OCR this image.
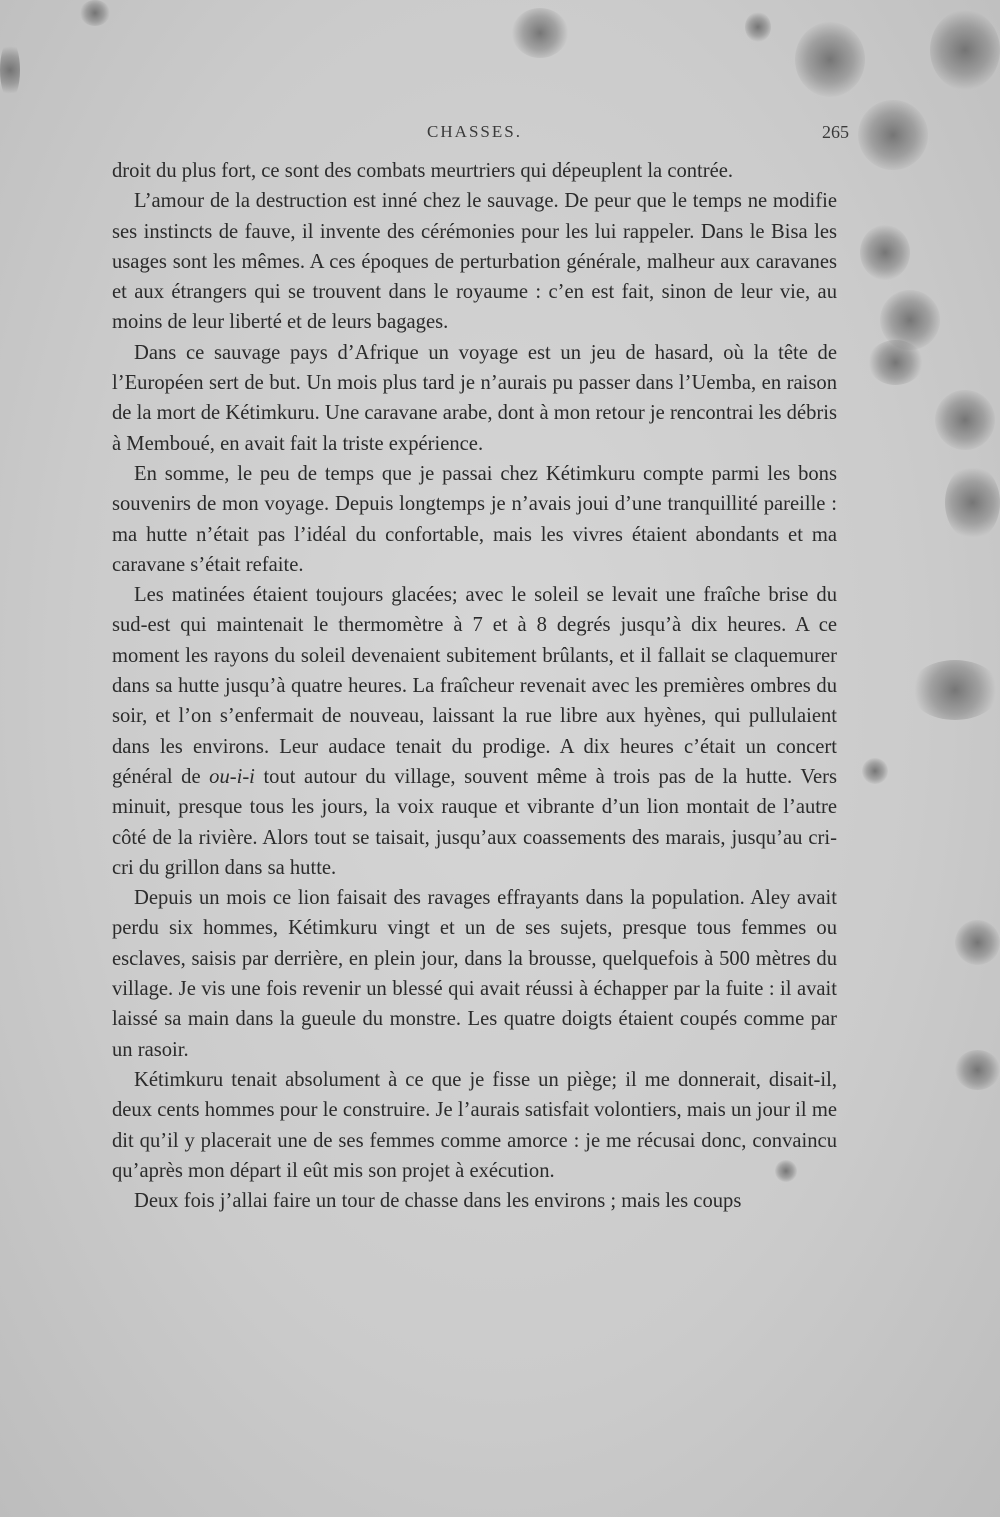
CHASSES.	265

droit du plus fort, ce sont des combats meurtriers qui dépeuplent la contrée.

L’amour de la destruction est inné chez le sauvage. De peur que le temps ne modifie ses instincts de fauve, il invente des cérémonies pour les lui rappeler. Dans le Bisa les usages sont les mêmes. A ces époques de perturbation générale, malheur aux caravanes et aux étrangers qui se trouvent dans le royaume : c’en est fait, sinon de leur vie, au moins de leur liberté et de leurs bagages.

Dans ce sauvage pays d’Afrique un voyage est un jeu de hasard, où la tête de l’Européen sert de but. Un mois plus tard je n’aurais pu passer dans l’Uemba, en raison de la mort de Kétimkuru. Une caravane arabe, dont à mon retour je rencontrai les débris à Memboué, en avait fait la triste expérience.

En somme, le peu de temps que je passai chez Kétimkuru compte parmi les bons souvenirs de mon voyage. Depuis longtemps je n’avais joui d’une tranquillité pareille : ma hutte n’était pas l’idéal du confortable, mais les vivres étaient abondants et ma caravane s’était refaite.

Les matinées étaient toujours glacées; avec le soleil se levait une fraîche brise du sud-est qui maintenait le thermomètre à 7 et à 8 degrés jusqu’à dix heures. A ce moment les rayons du soleil devenaient subitement brûlants, et il fallait se claquemurer dans sa hutte jusqu’à quatre heures. La fraîcheur revenait avec les premières ombres du soir, et l’on s’enfermait de nouveau, laissant la rue libre aux hyènes, qui pullulaient dans les environs. Leur audace tenait du prodige. A dix heures c’était un concert général de ou-i-i tout autour du village, souvent même à trois pas de la hutte. Vers minuit, presque tous les jours, la voix rauque et vibrante d’un lion montait de l’autre côté de la rivière. Alors tout se taisait, jusqu’aux coassements des marais, jusqu’au cri-cri du grillon dans sa hutte.

Depuis un mois ce lion faisait des ravages effrayants dans la population. Aley avait perdu six hommes, Kétimkuru vingt et un de ses sujets, presque tous femmes ou esclaves, saisis par derrière, en plein jour, dans la brousse, quelquefois à 500 mètres du village. Je vis une fois revenir un blessé qui avait réussi à échapper par la fuite : il avait laissé sa main dans la gueule du monstre. Les quatre doigts étaient coupés comme par un rasoir.

Kétimkuru tenait absolument à ce que je fisse un piège; il me donnerait, disait-il, deux cents hommes pour le construire. Je l’aurais satisfait volontiers, mais un jour il me dit qu’il y placerait une de ses femmes comme amorce : je me récusai donc, convaincu qu’après mon départ il eût mis son projet à exécution.

Deux fois j’allai faire un tour de chasse dans les environs ; mais les coups
